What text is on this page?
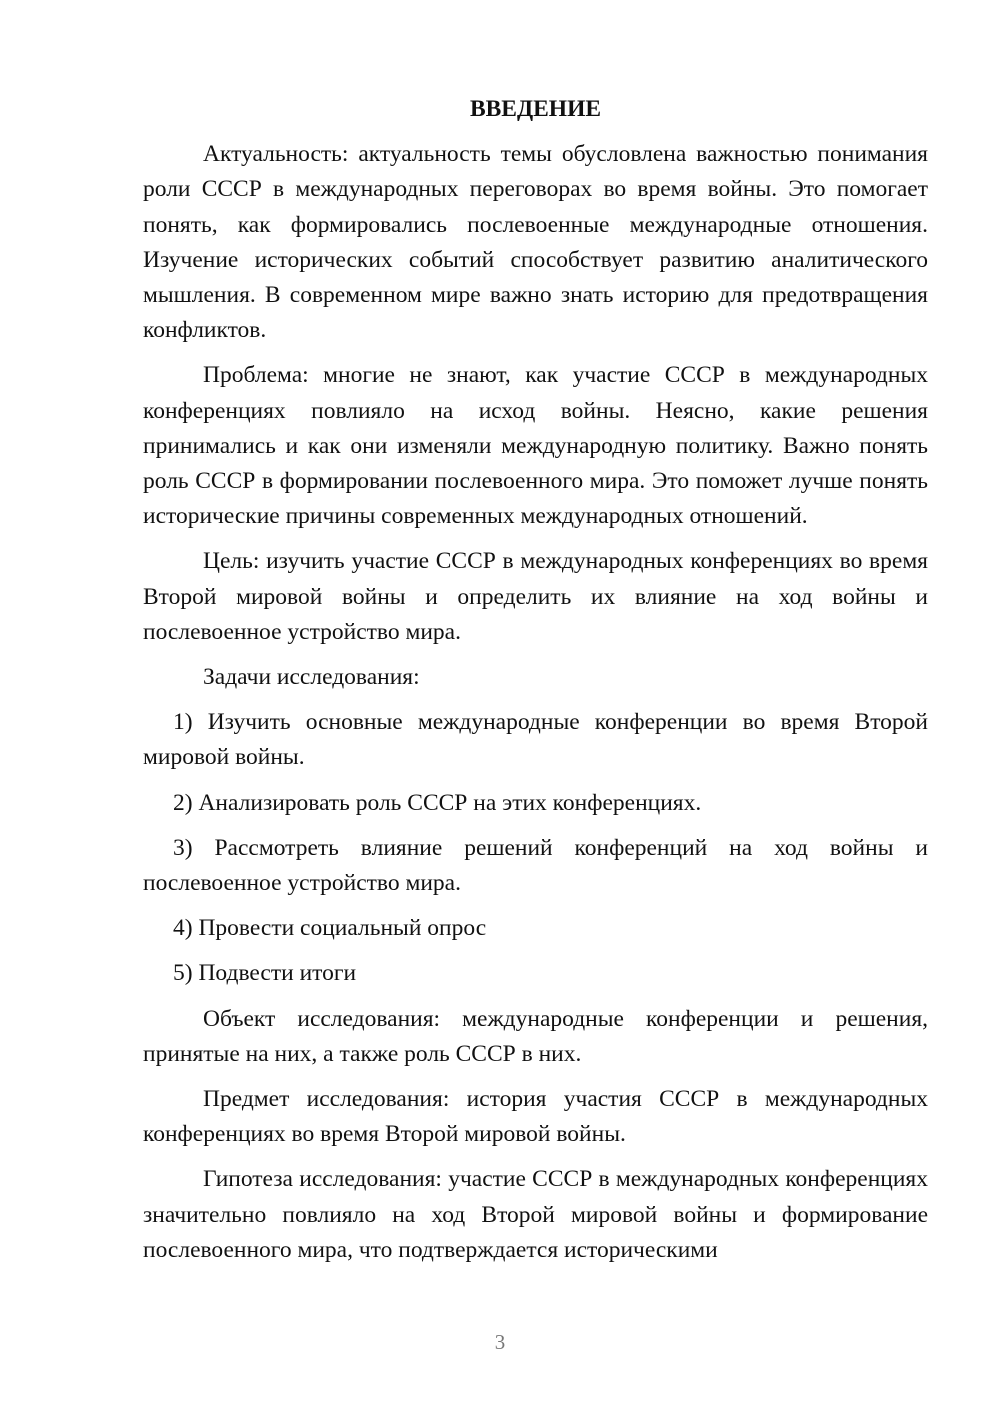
ВВЕДЕНИЕ

Актуальность: актуальность темы обусловлена важностью понимания роли СССР в международных переговорах во время войны. Это помогает понять, как формировались послевоенные международные отношения. Изучение исторических событий способствует развитию аналитического мышления. В современном мире важно знать историю для предотвращения конфликтов.

Проблема: многие не знают, как участие СССР в международных конференциях повлияло на исход войны. Неясно, какие решения принимались и как они изменяли международную политику. Важно понять роль СССР в формировании послевоенного мира. Это поможет лучше понять исторические причины современных международных отношений.

Цель: изучить участие СССР в международных конференциях во время Второй мировой войны и определить их влияние на ход войны и послевоенное устройство мира.

Задачи исследования:

1) Изучить основные международные конференции во время Второй мировой войны.

2) Анализировать роль СССР на этих конференциях.

3) Рассмотреть влияние решений конференций на ход войны и послевоенное устройство мира.

4) Провести социальный опрос

5) Подвести итоги

Объект исследования: международные конференции и решения, принятые на них, а также роль СССР в них.

Предмет исследования: история участия СССР в международных конференциях во время Второй мировой войны.

Гипотеза исследования: участие СССР в международных конференциях значительно повлияло на ход Второй мировой войны и формирование послевоенного мира, что подтверждается историческими

3
